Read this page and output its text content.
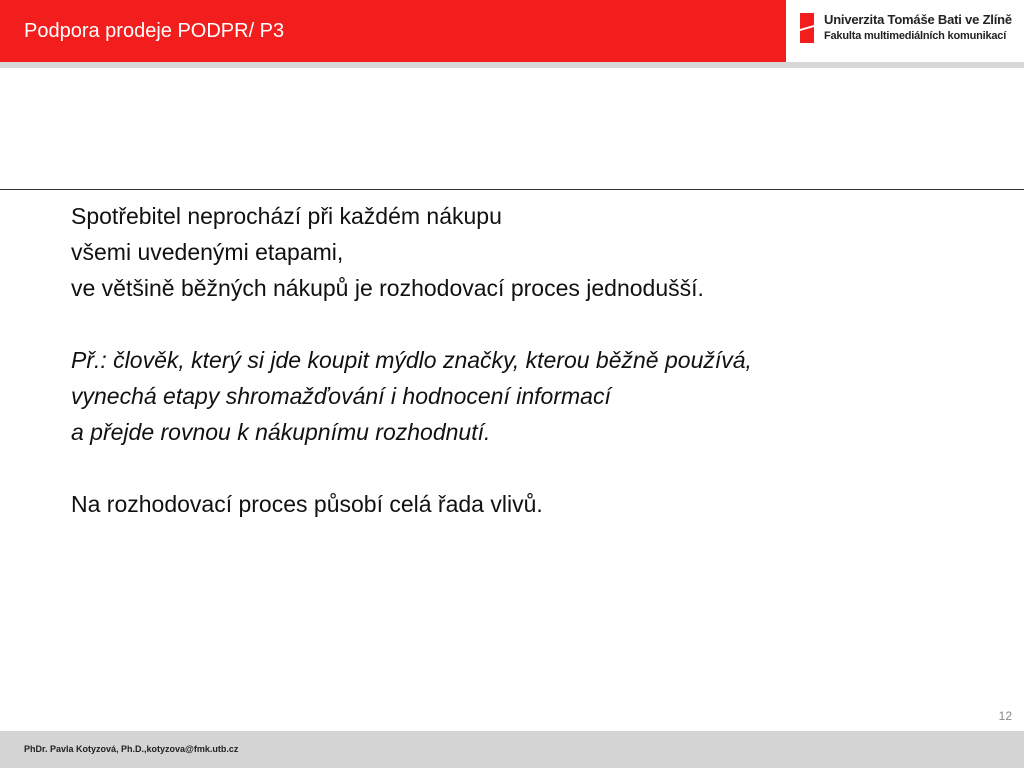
Podpora prodeje PODPR/ P3
Univerzita Tomáše Bati ve Zlíně
Fakulta multimediálních komunikací

Spotřebitel neprochází při každém nákupu
všemi uvedenými etapami,
ve většině běžných nákupů je rozhodovací proces jednodušší.

Př.: člověk, který si jde koupit mýdlo značky, kterou běžně používá,
vynechá etapy shromažďování i hodnocení informací
a přejde rovnou k nákupnímu rozhodnutí.

Na rozhodovací proces působí celá řada vlivů.

12
PhDr. Pavla Kotyzová, Ph.D.,kotyzova@fmk.utb.cz
